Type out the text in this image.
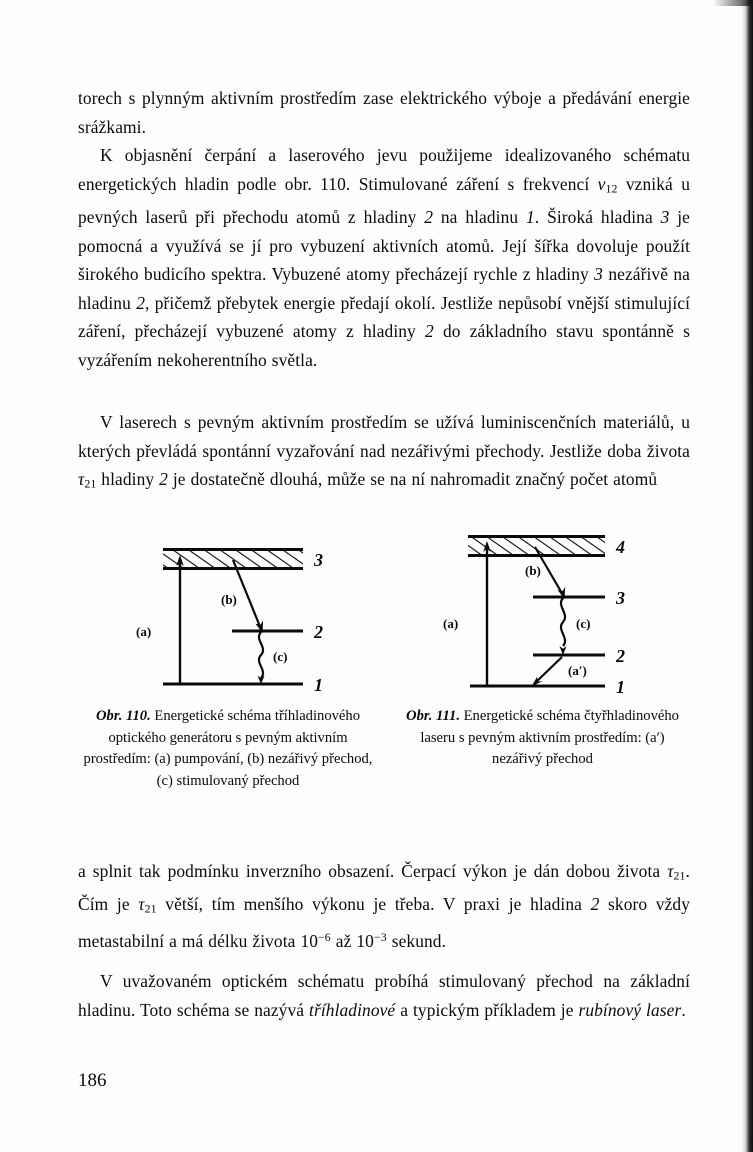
torech s plynným aktivním prostředím zase elektrického výboje a předávání energie srážkami.

K objasnění čerpání a laserového jevu použijeme idealizovaného schématu energetických hladin podle obr. 110. Stimulované záření s frekvencí $\nu_{12}$ vzniká u pevných laserů při přechodu atomů z hladiny 2 na hladinu 1. Široká hladina 3 je pomocná a využívá se jí pro vybuzení aktivních atomů. Její šířka dovoluje použít širokého budicího spektra. Vybuzené atomy přecházejí rychle z hladiny 3 nezářivě na hladinu 2, přičemž přebytek energie předají okolí. Jestliže nepůsobí vnější stimulující záření, přecházejí vybuzené atomy z hladiny 2 do základního stavu spontánně s vyzářením nekoherentního světla.

V laserech s pevným aktivním prostředím se užívá luminiscenčních materiálů, u kterých převládá spontánní vyzařování nad nezářivými přechody. Jestliže doba života $\tau_{21}$ hladiny 2 je dostatečně dlouhá, může se na ní nahromadit značný počet atomů

a splnit tak podmínku inverzního obsazení. Čerpací výkon je dán dobou života $\tau_{21}$. Čím je $\tau_{21}$ větší, tím menšího výkonu je třeba. V praxi je hladina 2 skoro vždy metastabilní a má délku života $10^{-6}$ až $10^{-3}$ sekund.

V uvažovaném optickém schématu probíhá stimulovaný přechod na základní hladinu. Toto schéma se nazývá tříhladinové a typickým příkladem je rubínový laser.

3
2
1
(a)
(b)
(c)
Obr. 110. Energetické schéma tříhladinového optického generátoru s pevným aktivním prostředím: (a) pumpování, (b) nezářivý přechod, (c) stimulovaný přechod
4
3
2
1
(a)
(b)
(c)
(a′)
Obr. 111. Energetické schéma čtyřhladinového laseru s pevným aktivním prostředím: (a′) nezářivý přechod
186
